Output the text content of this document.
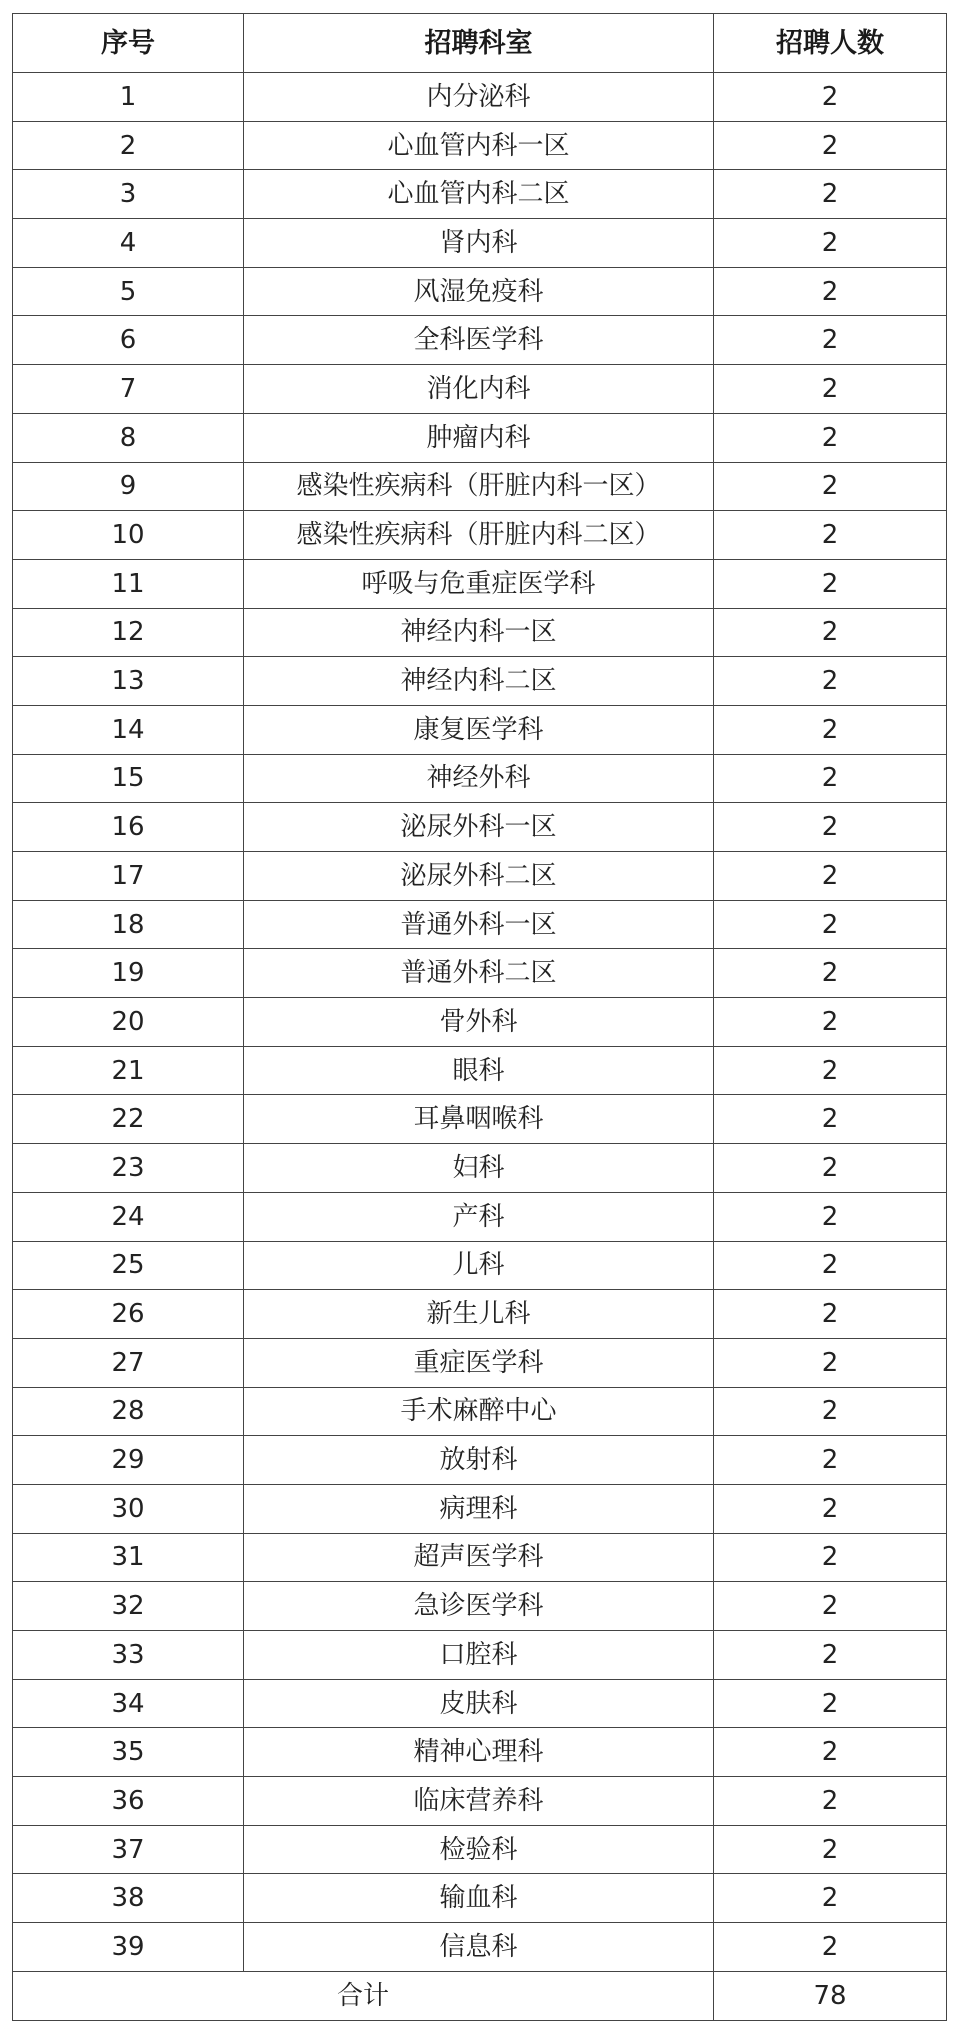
序号	招聘科室	招聘人数
1	内分泌科	2
2	心血管内科一区	2
3	心血管内科二区	2
4	肾内科	2
5	风湿免疫科	2
6	全科医学科	2
7	消化内科	2
8	肿瘤内科	2
9	感染性疾病科（肝脏内科一区）	2
10	感染性疾病科（肝脏内科二区）	2
11	呼吸与危重症医学科	2
12	神经内科一区	2
13	神经内科二区	2
14	康复医学科	2
15	神经外科	2
16	泌尿外科一区	2
17	泌尿外科二区	2
18	普通外科一区	2
19	普通外科二区	2
20	骨外科	2
21	眼科	2
22	耳鼻咽喉科	2
23	妇科	2
24	产科	2
25	儿科	2
26	新生儿科	2
27	重症医学科	2
28	手术麻醉中心	2
29	放射科	2
30	病理科	2
31	超声医学科	2
32	急诊医学科	2
33	口腔科	2
34	皮肤科	2
35	精神心理科	2
36	临床营养科	2
37	检验科	2
38	输血科	2
39	信息科	2
合计		78
